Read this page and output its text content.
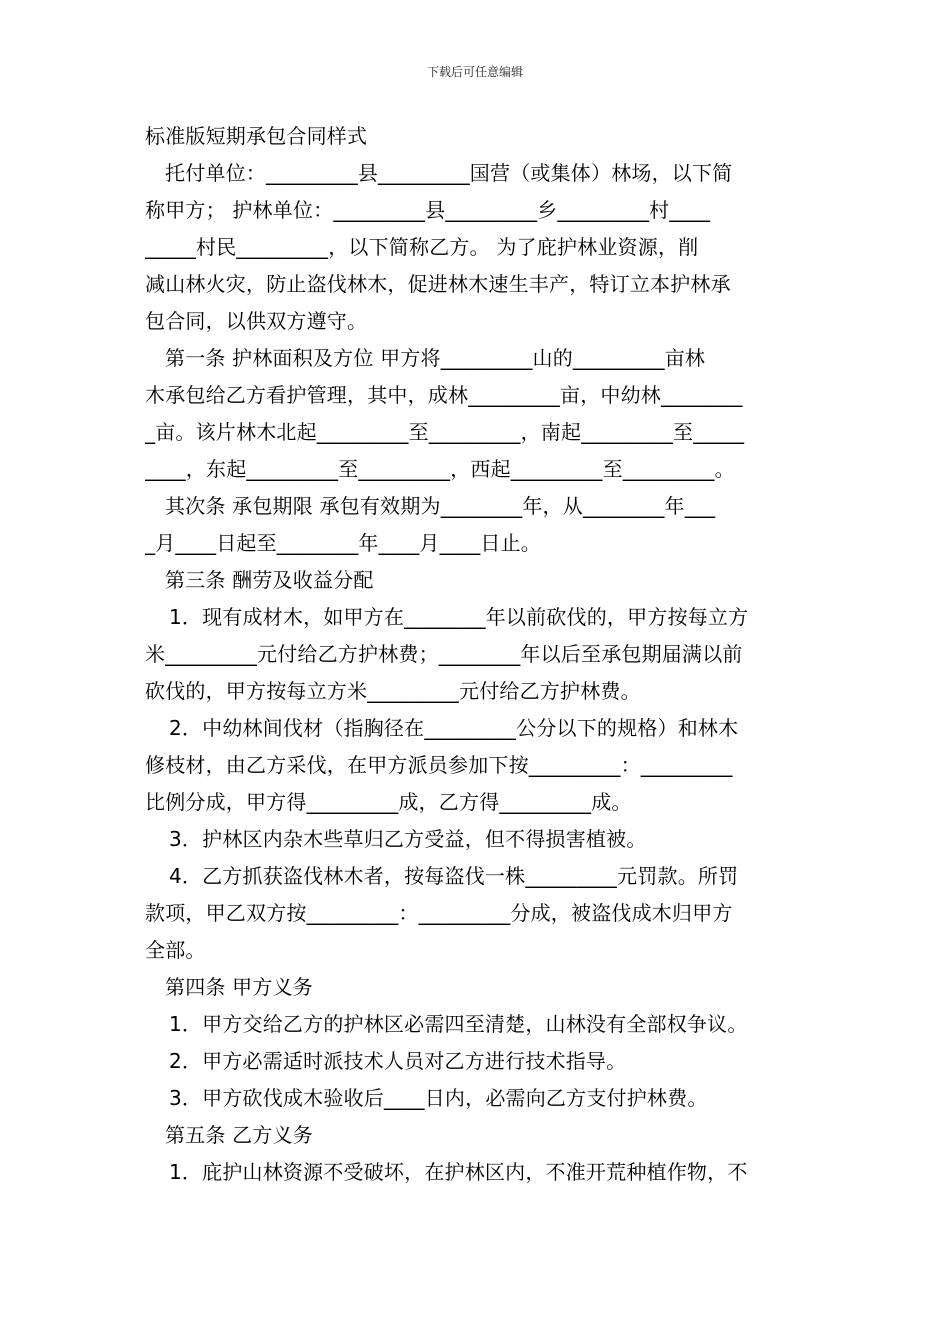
下载后可任意编辑

标准版短期承包合同样式

托付单位：_________县_________国营（或集体）林场，以下简

称甲方； 护林单位：_________县_________乡_________村____

_____村民_________，以下简称乙方。 为了庇护林业资源，削

减山林火灾，防止盗伐林木，促进林木速生丰产，特订立本护林承

包合同，以供双方遵守。

第一条 护林面积及方位 甲方将_________山的_________亩林

木承包给乙方看护管理，其中，成林_________亩，中幼林________

_亩。该片林木北起_________至_________，南起_________至_____

____，东起_________至_________，西起_________至_________。

其次条 承包期限 承包有效期为________年，从________年___

_月____日起至________年____月____日止。

第三条 酬劳及收益分配

1．现有成材木，如甲方在________年以前砍伐的，甲方按每立方

米_________元付给乙方护林费；________年以后至承包期届满以前

砍伐的，甲方按每立方米_________元付给乙方护林费。

2．中幼林间伐材（指胸径在_________公分以下的规格）和林木

修枝材，由乙方采伐，在甲方派员参加下按_________：_________

比例分成，甲方得_________成，乙方得_________成。

3．护林区内杂木些草归乙方受益，但不得损害植被。

4．乙方抓获盗伐林木者，按每盗伐一株_________元罚款。所罚

款项，甲乙双方按_________：_________分成，被盗伐成木归甲方

全部。

第四条 甲方义务

1．甲方交给乙方的护林区必需四至清楚，山林没有全部权争议。

2．甲方必需适时派技术人员对乙方进行技术指导。

3．甲方砍伐成木验收后____日内，必需向乙方支付护林费。

第五条 乙方义务

1．庇护山林资源不受破坏，在护林区内，不准开荒种植作物，不
